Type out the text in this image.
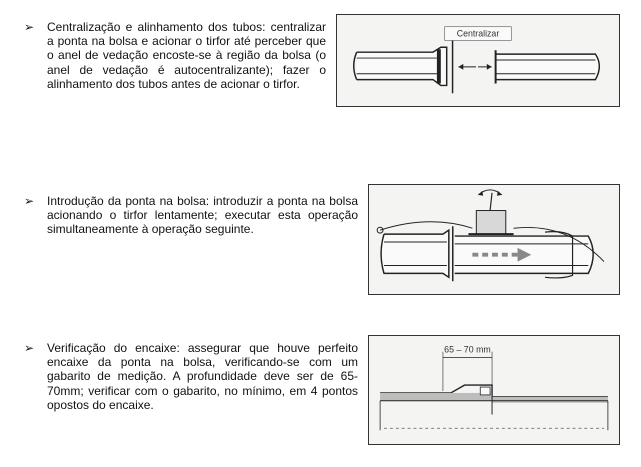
➢ Centralização e alinhamento dos tubos: centralizar a ponta na bolsa e acionar o tirfor até perceber que o anel de vedação encoste-se à região da bolsa (o anel de vedação é autocentralizante); fazer o alinhamento dos tubos antes de acionar o tirfor.

Centralizar
➢ Introdução da ponta na bolsa: introduzir a ponta na bolsa acionando o tirfor lentamente; executar esta operação simultaneamente à operação seguinte.

➢ Verificação do encaixe: assegurar que houve perfeito encaixe da ponta na bolsa, verificando-se com um gabarito de medição. A profundidade deve ser de 65-70mm; verificar com o gabarito, no mínimo, em 4 pontos opostos do encaixe.

65 – 70 mm
